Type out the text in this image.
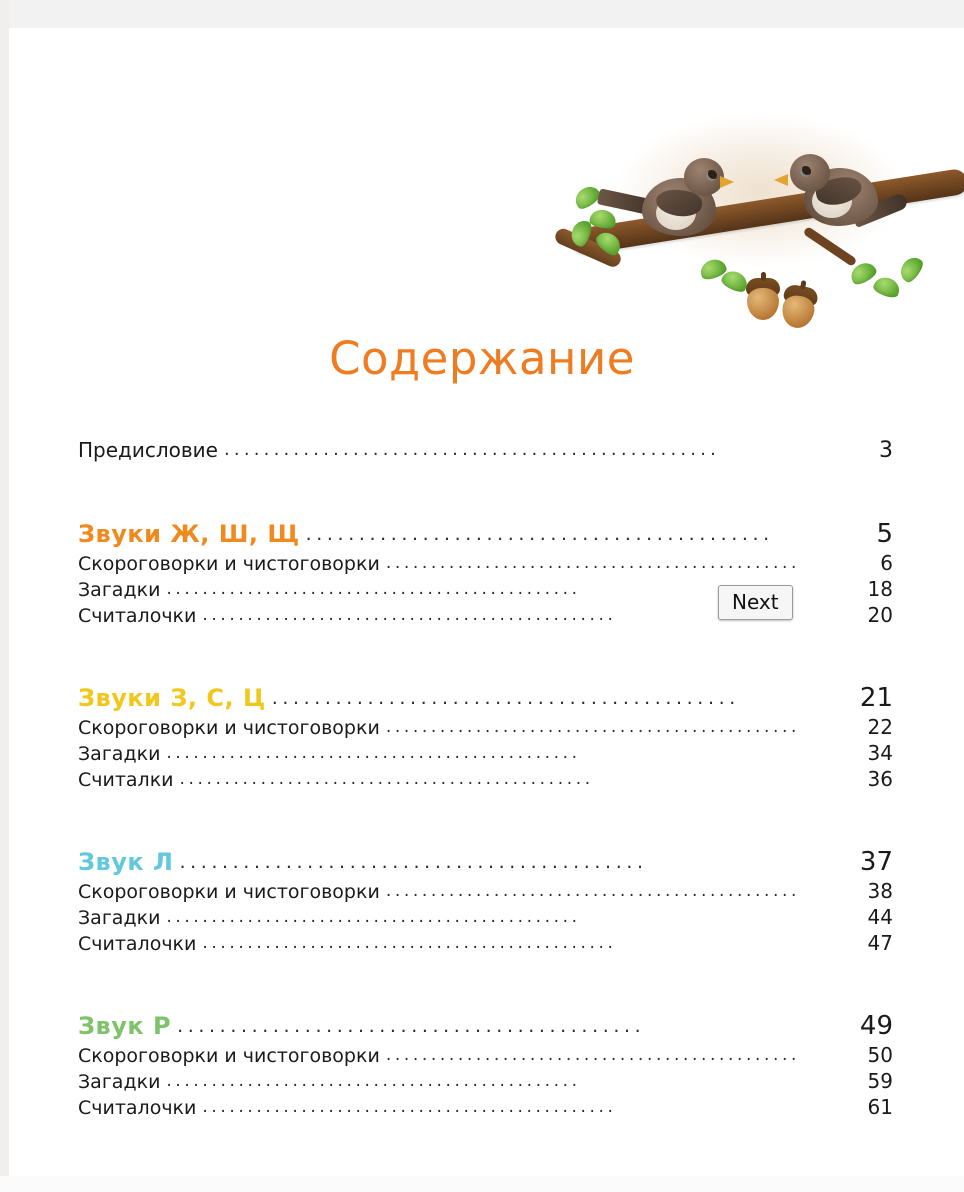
Содержание
Предисловие ..................................................	3
Звуки Ж, Ш, Щ ............................................	5
Скороговорки и чистоговорки ..............................................	6
Загадки ..............................................	18
Считалочки ..............................................	20
Звуки З, С, Ц ............................................	21
Скороговорки и чистоговорки ..............................................	22
Загадки ..............................................	34
Считалки ..............................................	36
Звук Л ............................................	37
Скороговорки и чистоговорки ..............................................	38
Загадки ..............................................	44
Считалочки ..............................................	47
Звук Р ............................................	49
Скороговорки и чистоговорки ..............................................	50
Загадки ..............................................	59
Считалочки ..............................................	61
Next
